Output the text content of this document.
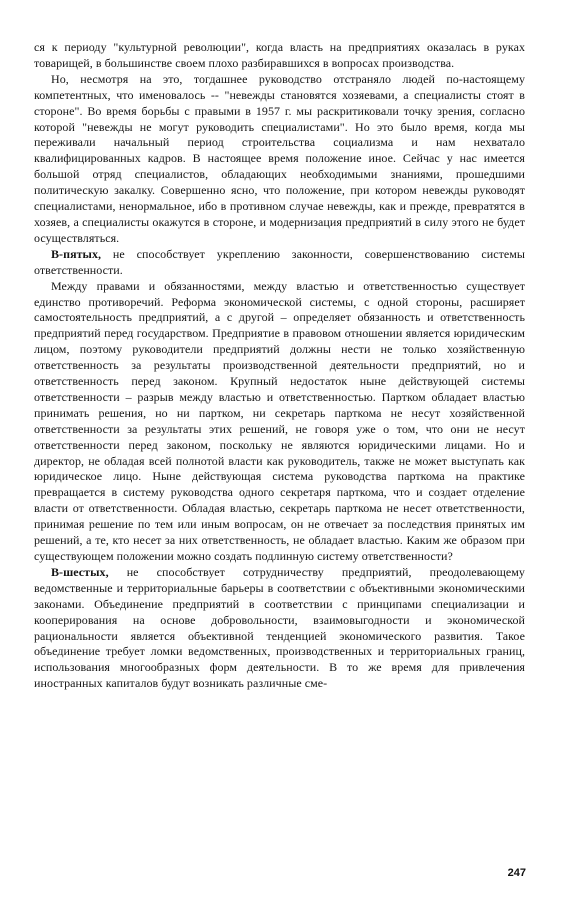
ся к периоду "культурной революции", когда власть на предприятиях оказалась в руках товарищей, в большинстве своем плохо разбиравшихся в вопросах производства.

Но, несмотря на это, тогдашнее руководство отстраняло людей по-настоящему компетентных, что именовалось -- "невежды становятся хозяевами, а специалисты стоят в стороне". Во время борьбы с правыми в 1957 г. мы раскритиковали точку зрения, согласно которой "невежды не могут руководить специалистами". Но это было время, когда мы переживали начальный период строительства социализма и нам нехватало квалифицированных кадров. В настоящее время положение иное. Сейчас у нас имеется большой отряд специалистов, обладающих необходимыми знаниями, прошедшими политическую закалку. Совершенно ясно, что положение, при котором невежды руководят специалистами, ненормальное, ибо в противном случае невежды, как и прежде, превратятся в хозяев, а специалисты окажутся в стороне, и модернизация предприятий в силу этого не будет осуществляться.

В-пятых, не способствует укреплению законности, совершенствованию системы ответственности.

Между правами и обязанностями, между властью и ответственностью существует единство противоречий. Реформа экономической системы, с одной стороны, расширяет самостоятельность предприятий, а с другой – определяет обязанность и ответственность предприятий перед государством. Предприятие в правовом отношении является юридическим лицом, поэтому руководители предприятий должны нести не только хозяйственную ответственность за результаты производственной деятельности предприятий, но и ответственность перед законом. Крупный недостаток ныне действующей системы ответственности – разрыв между властью и ответственностью. Партком обладает властью принимать решения, но ни партком, ни секретарь парткома не несут хозяйственной ответственности за результаты этих решений, не говоря уже о том, что они не несут ответственности перед законом, поскольку не являются юридическими лицами. Но и директор, не обладая всей полнотой власти как руководитель, также не может выступать как юридическое лицо. Ныне действующая система руководства парткома на практике превращается в систему руководства одного секретаря парткома, что и создает отделение власти от ответственности. Обладая властью, секретарь парткома не несет ответственности, принимая решение по тем или иным вопросам, он не отвечает за последствия принятых им решений, а те, кто несет за них ответственность, не обладает властью. Каким же образом при существующем положении можно создать подлинную систему ответственности?

В-шестых, не способствует сотрудничеству предприятий, преодолевающему ведомственные и территориальные барьеры в соответствии с объективными экономическими законами. Объединение предприятий в соответствии с принципами специализации и кооперирования на основе добровольности, взаимовыгодности и экономической рациональности является объективной тенденцией экономического развития. Такое объединение требует ломки ведомственных, производственных и территориальных границ, использования многообразных форм деятельности. В то же время для привлечения иностранных капиталов будут возникать различные сме-

247
